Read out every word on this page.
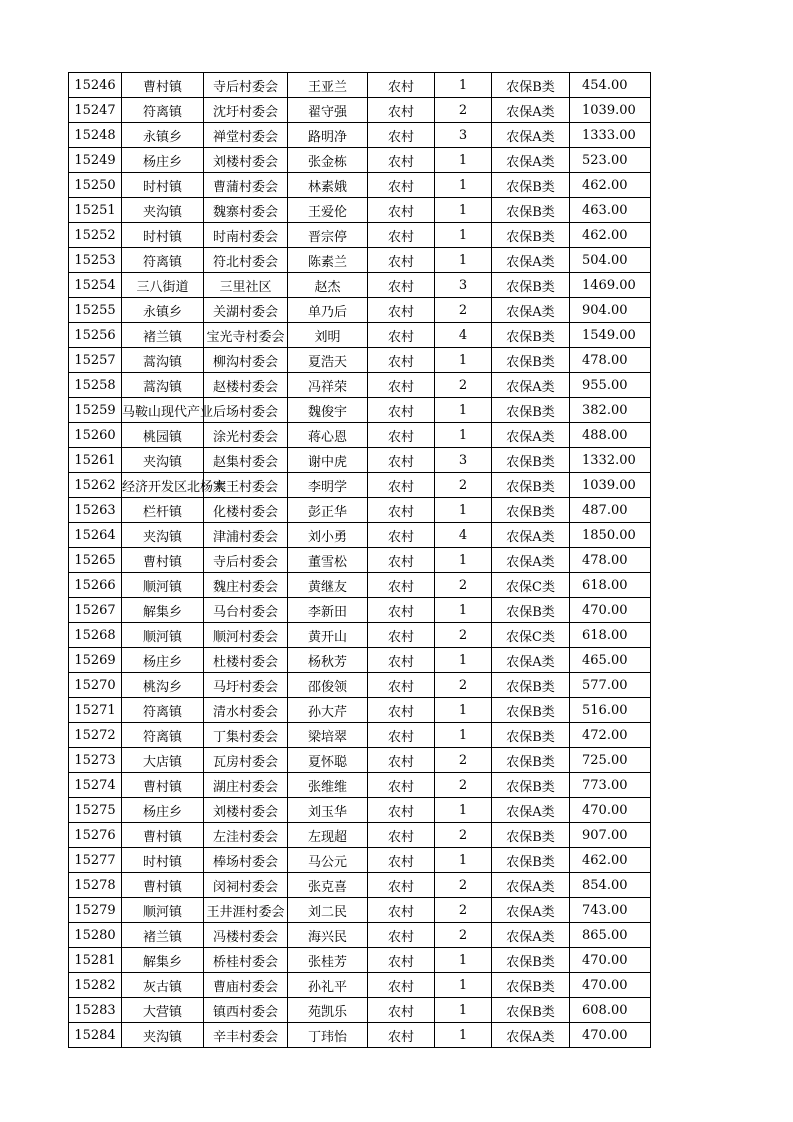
15246	曹村镇	寺后村委会	王亚兰	农村	1	农保B类	454.00
15247	符离镇	沈圩村委会	翟守强	农村	2	农保A类	1039.00
15248	永镇乡	禅堂村委会	路明净	农村	3	农保A类	1333.00
15249	杨庄乡	刘楼村委会	张金栋	农村	1	农保A类	523.00
15250	时村镇	曹蒲村委会	林素娥	农村	1	农保B类	462.00
15251	夹沟镇	魏寨村委会	王爱伦	农村	1	农保B类	463.00
15252	时村镇	时南村委会	晋宗停	农村	1	农保B类	462.00
15253	符离镇	符北村委会	陈素兰	农村	1	农保A类	504.00
15254	三八街道	三里社区	赵杰	农村	3	农保B类	1469.00
15255	永镇乡	关湖村委会	单乃后	农村	2	农保A类	904.00
15256	褚兰镇	宝光寺村委会	刘明	农村	4	农保B类	1549.00
15257	蒿沟镇	柳沟村委会	夏浩天	农村	1	农保B类	478.00
15258	蒿沟镇	赵楼村委会	冯祥荣	农村	2	农保A类	955.00
15259	马鞍山现代产业	后场村委会	魏俊宇	农村	1	农保B类	382.00
15260	桃园镇	涂光村委会	蒋心恩	农村	1	农保A类	488.00
15261	夹沟镇	赵集村委会	谢中虎	农村	3	农保B类	1332.00
15262	经济开发区北杨寨	大王村委会	李明学	农村	2	农保B类	1039.00
15263	栏杆镇	化楼村委会	彭正华	农村	1	农保B类	487.00
15264	夹沟镇	津浦村委会	刘小勇	农村	4	农保A类	1850.00
15265	曹村镇	寺后村委会	董雪松	农村	1	农保A类	478.00
15266	顺河镇	魏庄村委会	黄继友	农村	2	农保C类	618.00
15267	解集乡	马台村委会	李新田	农村	1	农保B类	470.00
15268	顺河镇	顺河村委会	黄开山	农村	2	农保C类	618.00
15269	杨庄乡	杜楼村委会	杨秋芳	农村	1	农保A类	465.00
15270	桃沟乡	马圩村委会	邵俊领	农村	2	农保B类	577.00
15271	符离镇	清水村委会	孙大芹	农村	1	农保B类	516.00
15272	符离镇	丁集村委会	梁培翠	农村	1	农保B类	472.00
15273	大店镇	瓦房村委会	夏怀聪	农村	2	农保B类	725.00
15274	曹村镇	湖庄村委会	张维维	农村	2	农保B类	773.00
15275	杨庄乡	刘楼村委会	刘玉华	农村	1	农保A类	470.00
15276	曹村镇	左洼村委会	左现超	农村	2	农保B类	907.00
15277	时村镇	棒场村委会	马公元	农村	1	农保B类	462.00
15278	曹村镇	闵祠村委会	张克喜	农村	2	农保A类	854.00
15279	顺河镇	王井涯村委会	刘二民	农村	2	农保A类	743.00
15280	褚兰镇	冯楼村委会	海兴民	农村	2	农保A类	865.00
15281	解集乡	桥桂村委会	张桂芳	农村	1	农保B类	470.00
15282	灰古镇	曹庙村委会	孙礼平	农村	1	农保B类	470.00
15283	大营镇	镇西村委会	苑凯乐	农村	1	农保B类	608.00
15284	夹沟镇	辛丰村委会	丁玮怡	农村	1	农保A类	470.00
